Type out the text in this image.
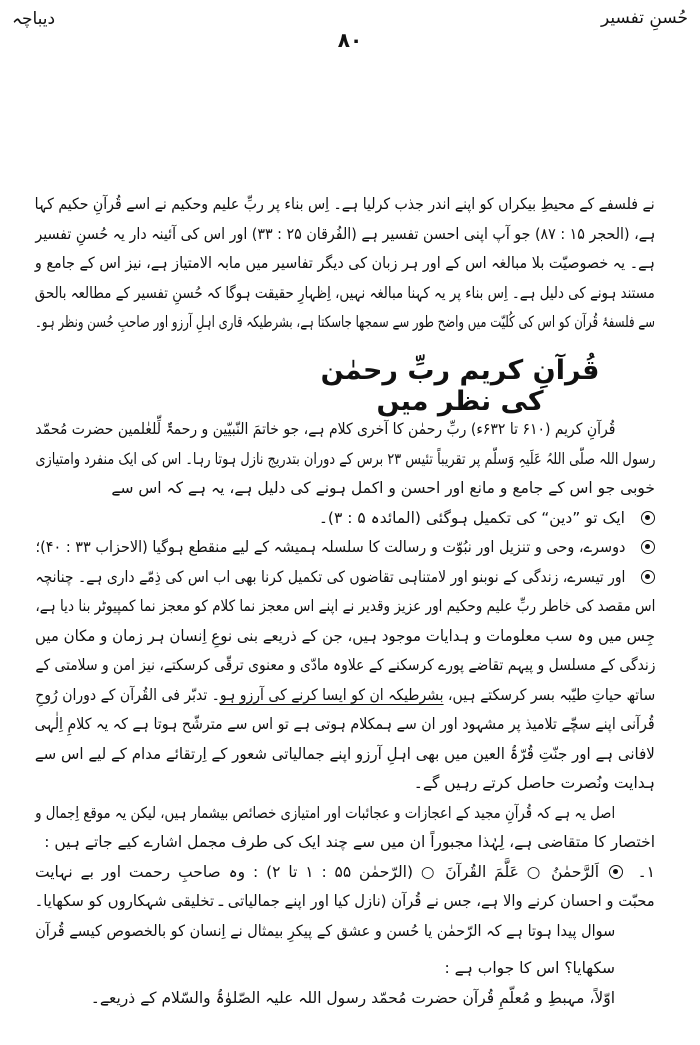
حُسنِ تفسیر
دیباچہ
۸۰
نے فلسفے کے محیطِ بیکراں کو اپنے اندر جذب کرلیا ہے۔ اِس بناء پر ربِّ علیم وحکیم نے اسے قُرآنِ حکیم کہا
ہے، (الحجر ۱۵ : ۸۷) جو آپ اپنی احسن تفسیر ہے (الفُرقان ۲۵ : ۳۳) اور اس کی آئینہ دار یہ حُسنِ تفسیر
ہے۔ یہ خصوصیّت بلا مبالغہ اس کے اور ہر زبان کی دیگر تفاسیر میں مابہ الامتیاز ہے، نیز اس کے جامع و
مستند ہونے کی دلیل ہے۔ اِس بناء پر یہ کہنا مبالغہ نہیں، اِظہارِ حقیقت ہوگا کہ حُسنِ تفسیر کے مطالعہ بالحق
سے فلسفۂ قُرآن کو اس کی کُلیّت میں واضح طور سے سمجھا جاسکتا ہے، بشرطیکہ قاری اہلِ آرزو اور صاحبِ حُسن ونظر ہو۔
قُرآنِ کریم ربِّ رحمٰن کی نظر میں
قُرآنِ کریم (۶۱۰ تا ۶۳۲ء) ربِّ رحمٰن کا آخری کلام ہے، جو خاتمَ النّبیّین و رحمۃٌ لِّلعٰلمین حضرت مُحمّد
رسول اللہ صلّی اللہُ عَلَیہِ وَسلّم پر تقریباً تئیس ۲۳ برس کے دوران بتدریج نازل ہوتا رہا۔ اس کی ایک منفرد وامتیازی
خوبی جو اس کے جامع و مانع اور احسن و اکمل ہونے کی دلیل ہے، یہ ہے کہ اس سے
ایک تو ”دین“ کی تکمیل ہوگئی (المائدہ ۵ : ۳)۔
دوسرے، وحی و تنزیل اور نبُوّت و رسالت کا سلسلہ ہمیشہ کے لیے منقطع ہوگیا (الاحزاب ۳۳ : ۴۰)؛
اور تیسرے، زندگی کے نوبنو اور لامتناہی تقاضوں کی تکمیل کرنا بھی اب اس کی ذِمّے داری ہے۔ چنانچہ
اس مقصد کی خاطر ربِّ علیم وحکیم اور عزیز وقدیر نے اپنے اس معجز نما کلام کو معجز نما کمپیوٹر بنا دیا ہے،
جِس میں وہ سب معلومات و ہدایات موجود ہیں، جن کے ذریعے بنی نوعِ اِنسان ہر زمان و مکان میں
زندگی کے مسلسل و پیہم تقاضے پورے کرسکنے کے علاوہ مادّی و معنوی ترقّی کرسکتے، نیز امن و سلامتی کے
ساتھ حیاتِ طیّبہ بسر کرسکتے ہیں، بشرطیکہ ان کو ایسا کرنے کی آرزو ہو۔ تدبّر فی القُرآن کے دوران رُوحِ
قُرآنی اپنے سچّے تلامیذ پر مشہود اور ان سے ہمکلام ہوتی ہے تو اس سے مترشّح ہوتا ہے کہ یہ کلامِ اِلٰہی
لافانی ہے اور جنّتِ قُرّۃُ العین میں بھی اہلِ آرزو اپنے جمالیاتی شعور کے اِرتقائے مدام کے لیے اس سے
ہدایت ونُصرت حاصل کرتے رہیں گے۔
اصل یہ ہے کہ قُرآنِ مجید کے اعجازات و عجائبات اور امتیازی خصائص بیشمار ہیں، لیکن یہ موقع اِجمال و
اختصار کا متقاضی ہے، لِہٰذا مجبوراً ان میں سے چند ایک کی طرف مجمل اشارے کیے جاتے ہیں :
۱۔
اَلرَّحمٰنُ ○ عَلَّمَ القُرآنَ ○ (الرّحمٰن ۵۵ : ۱ تا ۲) : وہ صاحبِ رحمت اور بے نہایت
محبّت و احسان کرنے والا ہے، جس نے قُرآن (نازل کیا اور اپنے جمالیاتی ـ تخلیقی شہکاروں کو سکھایا۔
سوال پیدا ہوتا ہے کہ الرّحمٰن یا حُسن و عشق کے پیکرِ بیمثال نے اِنسان کو بالخصوص کیسے قُرآن
سکھایا؟ اس کا جواب ہے :
اوّلاً، مہبطِ و مُعلّمِ قُرآن حضرت مُحمّد رسول اللہ علیہ الصّلوٰۃُ والسّلام کے ذریعے۔
